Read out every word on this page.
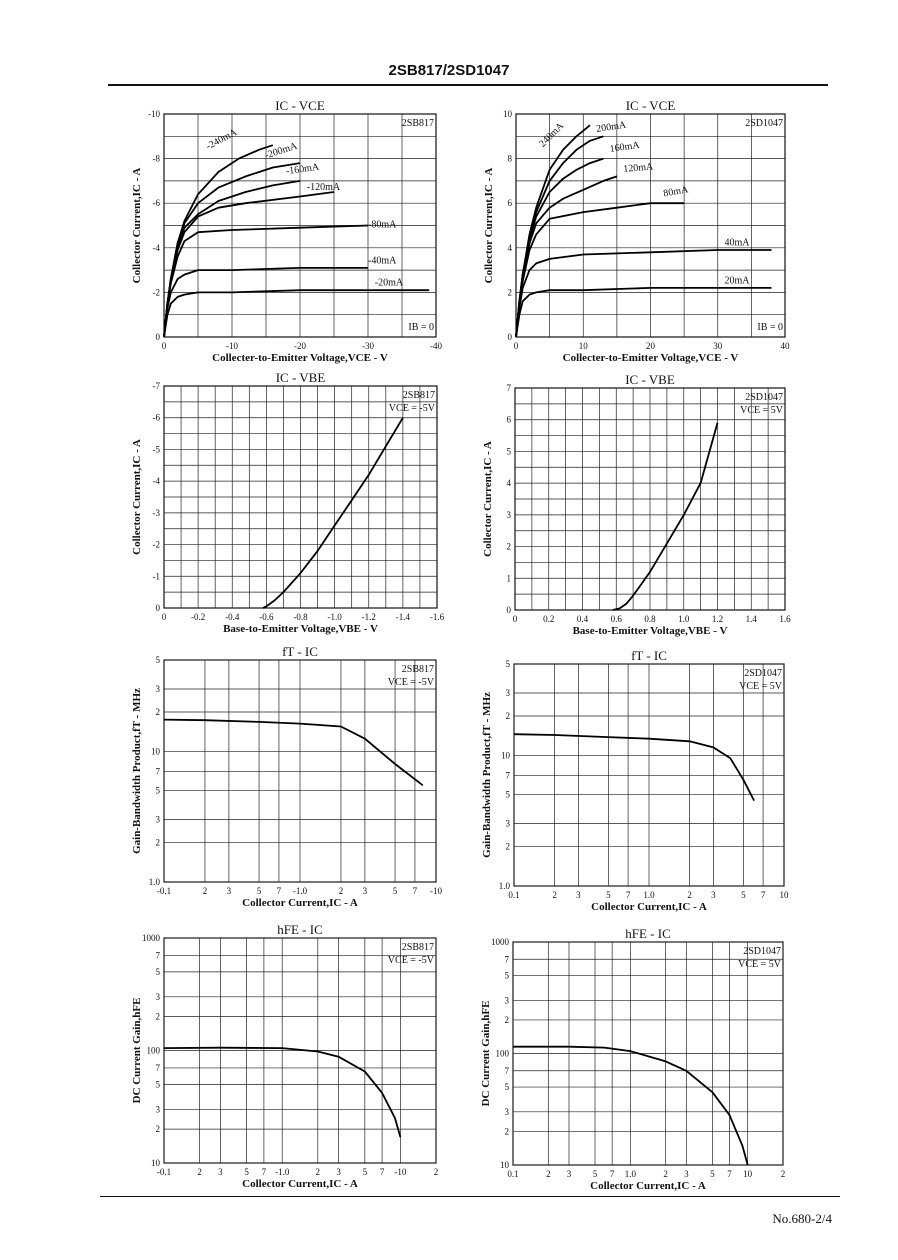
2SB817/2SD1047
0	-10	-20	-30	-40
0
-2
-4
-6
-8
-10
IC - VCE
Collecter-to-Emitter Voltage,VCE - V
Collector Current,IC - A
2SB817
IB = 0
-240mA -200mA
-160mA
-120mA
-80mA
-40mA
-20mA
0	10	20	30	40
0
2
4
6
8
10
IC - VCE
Collecter-to-Emitter Voltage,VCE - V
Collector Current,IC - A
2SD1047
IB = 0
240mA	200mA
160mA
120mA
80mA
40mA
20mA
0	-0.2 -0.4 -0.6 -0.8 -1.0 -1.2 -1.4 -1.6
0
-1
-2
-3
-4
-5
-6
-7
IC - VBE
Base-to-Emitter Voltage,VBE - V
Collector Current,IC - A
2SB817
VCE = -5V
0	0.2	0.4	0.6	0.8	1.0	1.2	1.4	1.6
0
1
2
3
4
5
6
7
IC - VBE
Base-to-Emitter Voltage,VBE - V
Collector Current,IC - A
2SD1047
VCE = 5V
-0.1	2 3	5 7 -1.0	2 3	5 7 -10
1.0
2
3
5
7
10
2
3
5
fT - IC
Collector Current,IC - A
Gain-Bandwidth Product,fT - MHz
2SB817
VCE = -5V
0.1	2 3	5 7 1.0	2 3	5 7 10
1.0
2
3
5
7
10
2
3
5
fT - IC
Collector Current,IC - A
Gain-Bandwidth Product,fT - MHz
2SD1047
VCE = 5V
-0.1	2 3 5 7 -1.0	2 3 5 7 -10	2
10
2
3
5
7
100
2
3
5
7
1000
hFE - IC
Collector Current,IC - A
DC Current Gain,hFE
2SB817
VCE = -5V
0.1	2 3 5 7 1.0	2 3 5 7 10	2
10
2
3
5
7
100
2
3
5
7
1000
hFE - IC
Collector Current,IC - A
DC Current Gain,hFE
2SD1047
VCE = 5V
No.680-2/4
